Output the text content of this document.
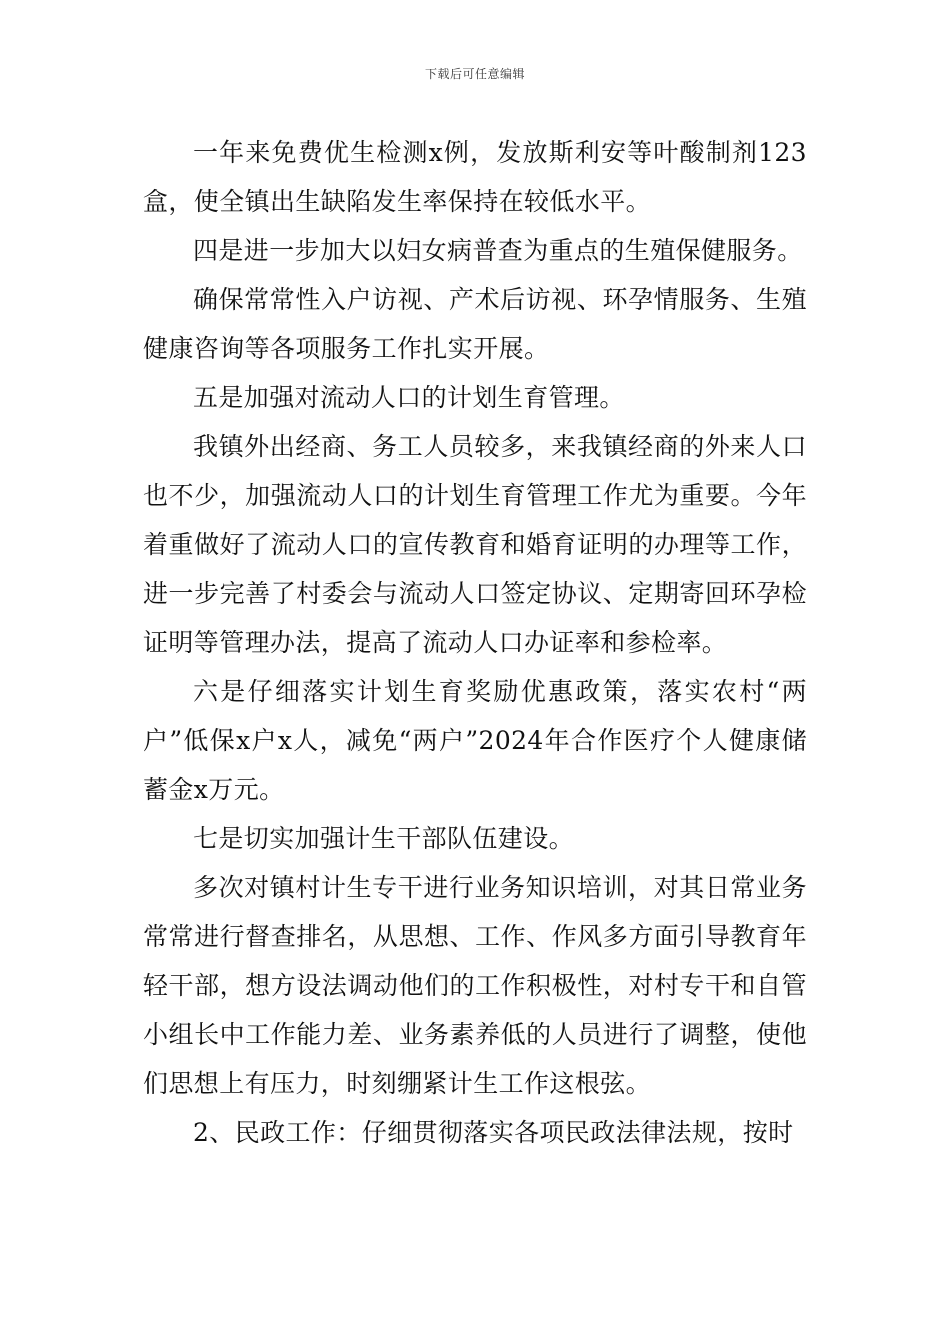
下载后可任意编辑

一年来免费优生检测x例，发放斯利安等叶酸制剂123盒，使全镇出生缺陷发生率保持在较低水平。

四是进一步加大以妇女病普查为重点的生殖保健服务。

确保常常性入户访视、产术后访视、环孕情服务、生殖健康咨询等各项服务工作扎实开展。

五是加强对流动人口的计划生育管理。

我镇外出经商、务工人员较多，来我镇经商的外来人口也不少，加强流动人口的计划生育管理工作尤为重要。今年着重做好了流动人口的宣传教育和婚育证明的办理等工作，进一步完善了村委会与流动人口签定协议、定期寄回环孕检证明等管理办法，提高了流动人口办证率和参检率。

六是仔细落实计划生育奖励优惠政策，落实农村“两户”低保x户x人，减免“两户”2024年合作医疗个人健康储蓄金x万元。

七是切实加强计生干部队伍建设。

多次对镇村计生专干进行业务知识培训，对其日常业务常常进行督查排名，从思想、工作、作风多方面引导教育年轻干部，想方设法调动他们的工作积极性，对村专干和自管小组长中工作能力差、业务素养低的人员进行了调整，使他们思想上有压力，时刻绷紧计生工作这根弦。

2、民政工作：仔细贯彻落实各项民政法律法规，按时
